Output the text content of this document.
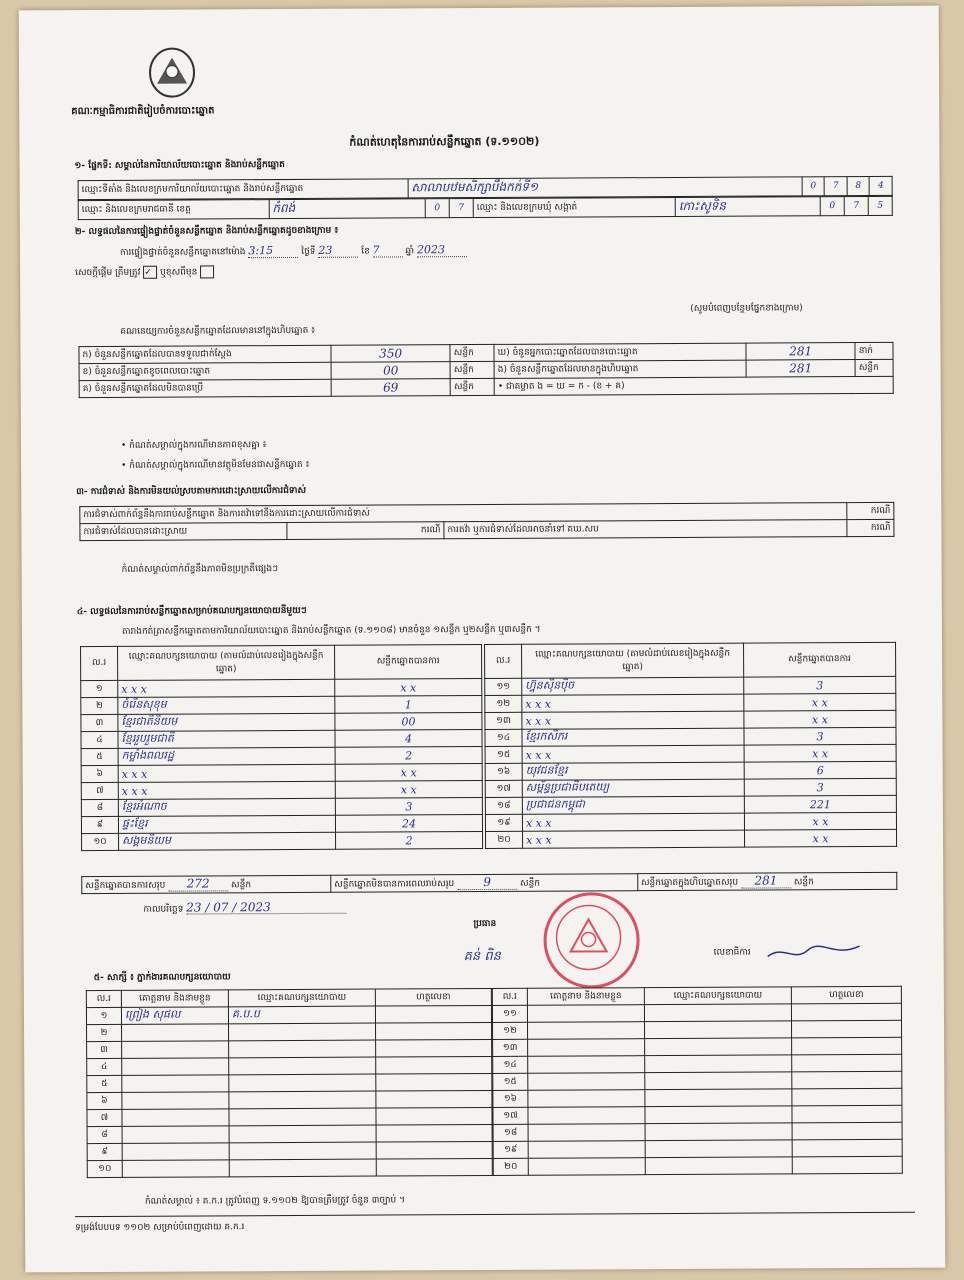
គណៈកម្មាធិការជាតិរៀបចំការបោះឆ្នោត
កំណត់ហេតុនៃការរាប់សន្លឹកឆ្នោត (ទ.១១០២)
១- ផ្នែកទី: សម្គាល់នៃការិយាល័យបោះឆ្នោត និងរាប់សន្លឹកឆ្នោត
ឈ្មោះទីតាំង និងលេខក្រមការិយាល័យបោះឆ្នោត និងរាប់សន្លឹកឆ្នោត	សាលាបឋមសិក្សាបឹងកក់ទី១	0	7	8	4
ឈ្មោះ និងលេខក្រមរាជធានី ខេត្ត	កំពង់	0	7	ឈ្មោះ និងលេខក្រមឃុំ សង្កាត់	កោះសូទិន	0	7	5
២- លទ្ធផលនៃការផ្ទៀងផ្ទាត់ចំនួនសន្លឹកឆ្នោត និងរាប់សន្លឹកឆ្នោតដូចខាងក្រោម ៖
ការផ្ទៀងផ្ទាត់ចំនួនសន្លឹកឆ្នោតនៅម៉ោង 3:15	ថ្ងៃទី 23	ខែ 7	ឆ្នាំ 2023
សេចក្តីផ្តើម ត្រឹមត្រូវ ✓ ឬខុសពីមុន
(សូមបំពេញបន្ថែមផ្នែកខាងក្រោម)
គណនេយ្យការចំនួនសន្លឹកឆ្នោតដែលមាននៅក្នុងហិបឆ្នោត ៖
ក) ចំនួនសន្លឹកឆ្នោតដែលបានទទួលជាក់ស្តែង	350	សន្លឹក	ឃ) ចំនួនអ្នកបោះឆ្នោតដែលបានបោះឆ្នោត	281	នាក់
ខ) ចំនួនសន្លឹកឆ្នោតខូចពេលបោះឆ្នោត	00	សន្លឹក	ង) ចំនួនសន្លឹកឆ្នោតដែលមានក្នុងហិបឆ្នោត	281	សន្លឹក
គ) ចំនួនសន្លឹកឆ្នោតដែលមិនបានប្រើ	69	សន្លឹក	• ជាគម្លាត ង = ឃ = ក - (ខ + គ)		
• កំណត់សម្គាល់ក្នុងករណីមានភាពខុសគ្នា ៖
• កំណត់សម្គាល់ក្នុងករណីមានវត្ថុមិនមែនជាសន្លឹកឆ្នោត ៖
៣- ការជំទាស់ និងការមិនយល់ស្របតាមការដោះស្រាយលើការជំទាស់
ការជំទាស់ពាក់ព័ន្ធនឹងការរាប់សន្លឹកឆ្នោត និងការតវ៉ាទៅនឹងការដោះស្រាយលើការជំទាស់			ករណី
ការជំទាស់ដែលបានដោះស្រាយ	ករណី	ការតវ៉ា ឬការជំទាស់ដែលអាចនាំទៅ គឃ.សប	ករណី
កំណត់សម្គាល់ពាក់ព័ន្ធនឹងភាពមិនប្រក្រតីផ្សេងៗ
៤- លទ្ធផលនៃការរាប់សន្លឹកឆ្នោតសម្រាប់គណបក្សនយោបាយនីមួយៗ
តារាងកត់ត្រាសន្លឹកឆ្នោតតាមការិយាល័យបោះឆ្នោត និងរាប់សន្លឹកឆ្នោត (ទ.១១០៨) មានចំនួន ១សន្លឹក ឬ២សន្លឹក ឬ៣សន្លឹក ។
ល.រ	ឈ្មោះគណបក្សនយោបាយ (តាមលំដាប់លេខរៀងក្នុងសន្លឹកឆ្នោត)	សន្លឹកឆ្នោតបានការ
១	x x x	x x
២	ចំរើនសុខុម	1
៣	ខ្មែរជាតិនិយម	00
៤	ខ្មែររួបរួមជាតិ	4
៥	កម្លាំងពលរដ្ឋ	2
៦	x x x	x x
៧	x x x	x x
៨	ខ្មែរអំណាច	3
៩	ផ្ទះខ្មែរ	24
១០	សង្គមនិយម	2
ល.រ	ឈ្មោះគណបក្សនយោបាយ (តាមលំដាប់លេខរៀងក្នុងសន្លឹកឆ្នោត)	សន្លឹកឆ្នោតបានការ
១១	ហ្វ៊ុនស៊ិនប៉ិច	3
១២	x x x	x x
១៣	x x x	x x
១៤	ខ្មែរកសិករ	3
១៥	x x x	x x
១៦	យុវជនខ្មែរ	6
១៧	សម្ព័ន្ធប្រជាធិបតេយ្យ	3
១៨	ប្រជាជនកម្ពុជា	221
១៩	x x x	x x
២០	x x x	x x
សន្លឹកឆ្នោតបានការសរុប 272 សន្លឹក	សន្លឹកឆ្នោតមិនបានការពេលរាប់សរុប 9	សន្លឹក	សន្លឹកឆ្នោតក្នុងហិបឆ្នោតសរុប 281 សន្លឹក
កាលបរិច្ឆេទ 23 / 07 / 2023
ប្រធាន
គន់ ពិន	លេខាធិការ
៥- សាក្សី ៖ ភ្នាក់ងារគណបក្សនយោបាយ
ល.រ	គោត្តនាម និងនាមខ្លួន	ឈ្មោះគណបក្សនយោបាយ	ហត្ថលេខា
១	ព្រៀង សុផល	គ.ប.ប	
២			
៣			
៤			
៥			
៦			
៧			
៨			
៩			
១០			
ល.រ	គោត្តនាម និងនាមខ្លួន	ឈ្មោះគណបក្សនយោបាយ	ហត្ថលេខា
១១			
១២			
១៣			
១៤			
១៥			
១៦			
១៧			
១៨			
១៩			
២០			
កំណត់សម្គាល់ ៖ គ.ក.រ ត្រូវបំពេញ ទ.១១០២ ឱ្យបានត្រឹមត្រូវ ចំនួន ៣ច្បាប់ ។
ទម្រង់បែបបទ ១១០២ សម្រាប់បំពេញដោយ គ.ក.រ
